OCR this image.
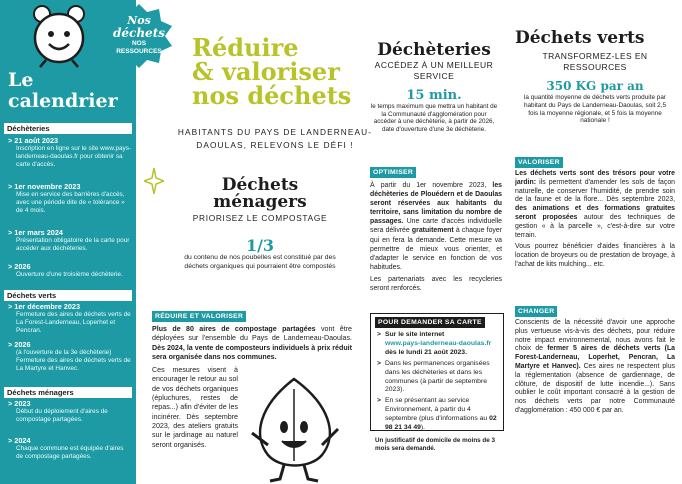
Le
calendrier
Déchèteries
> 21 août 2023
Inscription en ligne sur le site www.pays-landerneau-daoulas.fr pour obtenir sa carte d'accès.
> 1er novembre 2023
Mise en service des barrières d'accès, avec une période dite de « tolérance » de 4 mois.
> 1er mars 2024
Présentation obligatoire de la carte pour accéder aux déchèteries.
> 2026
Ouverture d'une troisième déchèterie.
Déchets verts
> 1er décembre 2023
Fermeture des aires de déchets verts de La Forest-Landerneau, Loperhet et Pencran.
> 2026
(à l'ouverture de la 3e déchèterie) Fermeture des aires de déchets verts de La Martyre et Hanvec.
Déchets ménagers
> 2023
Début du déploiement d'aires de compostage partagées.
> 2024
Chaque commune est équipée d'aires de compostage partagées.
Nos
déchets
NOS
RESSOURCES	Réduire
& valoriser
nos déchets
HABITANTS DU PAYS DE LANDERNEAU-DAOULAS, RELEVONS LE DÉFI !
Déchets
ménagers
PRIORISEZ LE COMPOSTAGE
1/3
du contenu de nos poubelles est constitué par des déchets organiques qui pourraient être compostés
RÉDUIRE ET VALORISER

Plus de 80 aires de compostage partagées vont être déployées sur l'ensemble du Pays de Landerneau-Daoulas. Dès 2024, la vente de composteurs individuels à prix réduit sera organisée dans nos communes.

Ces mesures visent à encourager le retour au sol de vos déchets organiques (épluchures, restes de repas...) afin d'éviter de les incinérer. Dès septembre 2023, des ateliers gratuits sur le jardinage au naturel seront organisés.

Déchèteries
ACCÉDEZ À UN MEILLEUR SERVICE
15 min.
le temps maximum que mettra un habitant de la Communauté d'agglomération pour accéder à une déchèterie, à partir de 2026, date d'ouverture d'une 3e déchèterie.
OPTIMISER

À partir du 1er novembre 2023, les déchèteries de Plouédern et de Daoulas seront réservées aux habitants du territoire, sans limitation du nombre de passages. Une carte d'accès individuelle sera délivrée gratuitement à chaque foyer qui en fera la demande. Cette mesure va permettre de mieux vous orienter, et d'adapter le service en fonction de vos habitudes.

Les partenariats avec les recycleries seront renforcés.

POUR DEMANDER SA CARTE
> Sur le site internet
www.pays-landerneau-daoulas.fr
dès le lundi 21 août 2023.
> Dans les permanences organisées dans les déchèteries et dans les communes (à partir de septembre 2023).
> En se présentant au service Environnement, à partir du 4 septembre (plus d'informations au 02 98 21 34 49).
Un justificatif de domicile de moins de 3 mois sera demandé.
Déchets verts
TRANSFORMEZ-LES EN RESSOURCES
350 KG par an
la quantité moyenne de déchets verts produite par habitant du Pays de Landerneau-Daoulas, soit 2,5 fois la moyenne régionale, et 5 fois la moyenne nationale !
VALORISER

Les déchets verts sont des trésors pour votre jardin: ils permettent d'amender les sols de façon naturelle, de conserver l'humidité, de prendre soin de la faune et de la flore... Dès septembre 2023, des animations et des formations gratuites seront proposées autour des techniques de gestion « à la parcelle », c'est-à-dire sur votre terrain.

Vous pourrez bénéficier d'aides financières à la location de broyeurs ou de prestation de broyage, à l'achat de kits mulching... etc.

CHANGER

Conscients de la nécessité d'avoir une approche plus vertueuse vis-à-vis des déchets, pour réduire notre impact environnemental, nous avons fait le choix de fermer 5 aires de déchets verts (La Forest-Landerneau, Loperhet, Pencran, La Martyre et Hanvec). Ces aires ne respectent plus la réglementation (absence de gardiennage, de clôture, de dispositif de lutte incendie...). Sans oublier le coût important consacré à la gestion de nos déchets verts par notre Communauté d'agglomération : 450 000 € par an.
